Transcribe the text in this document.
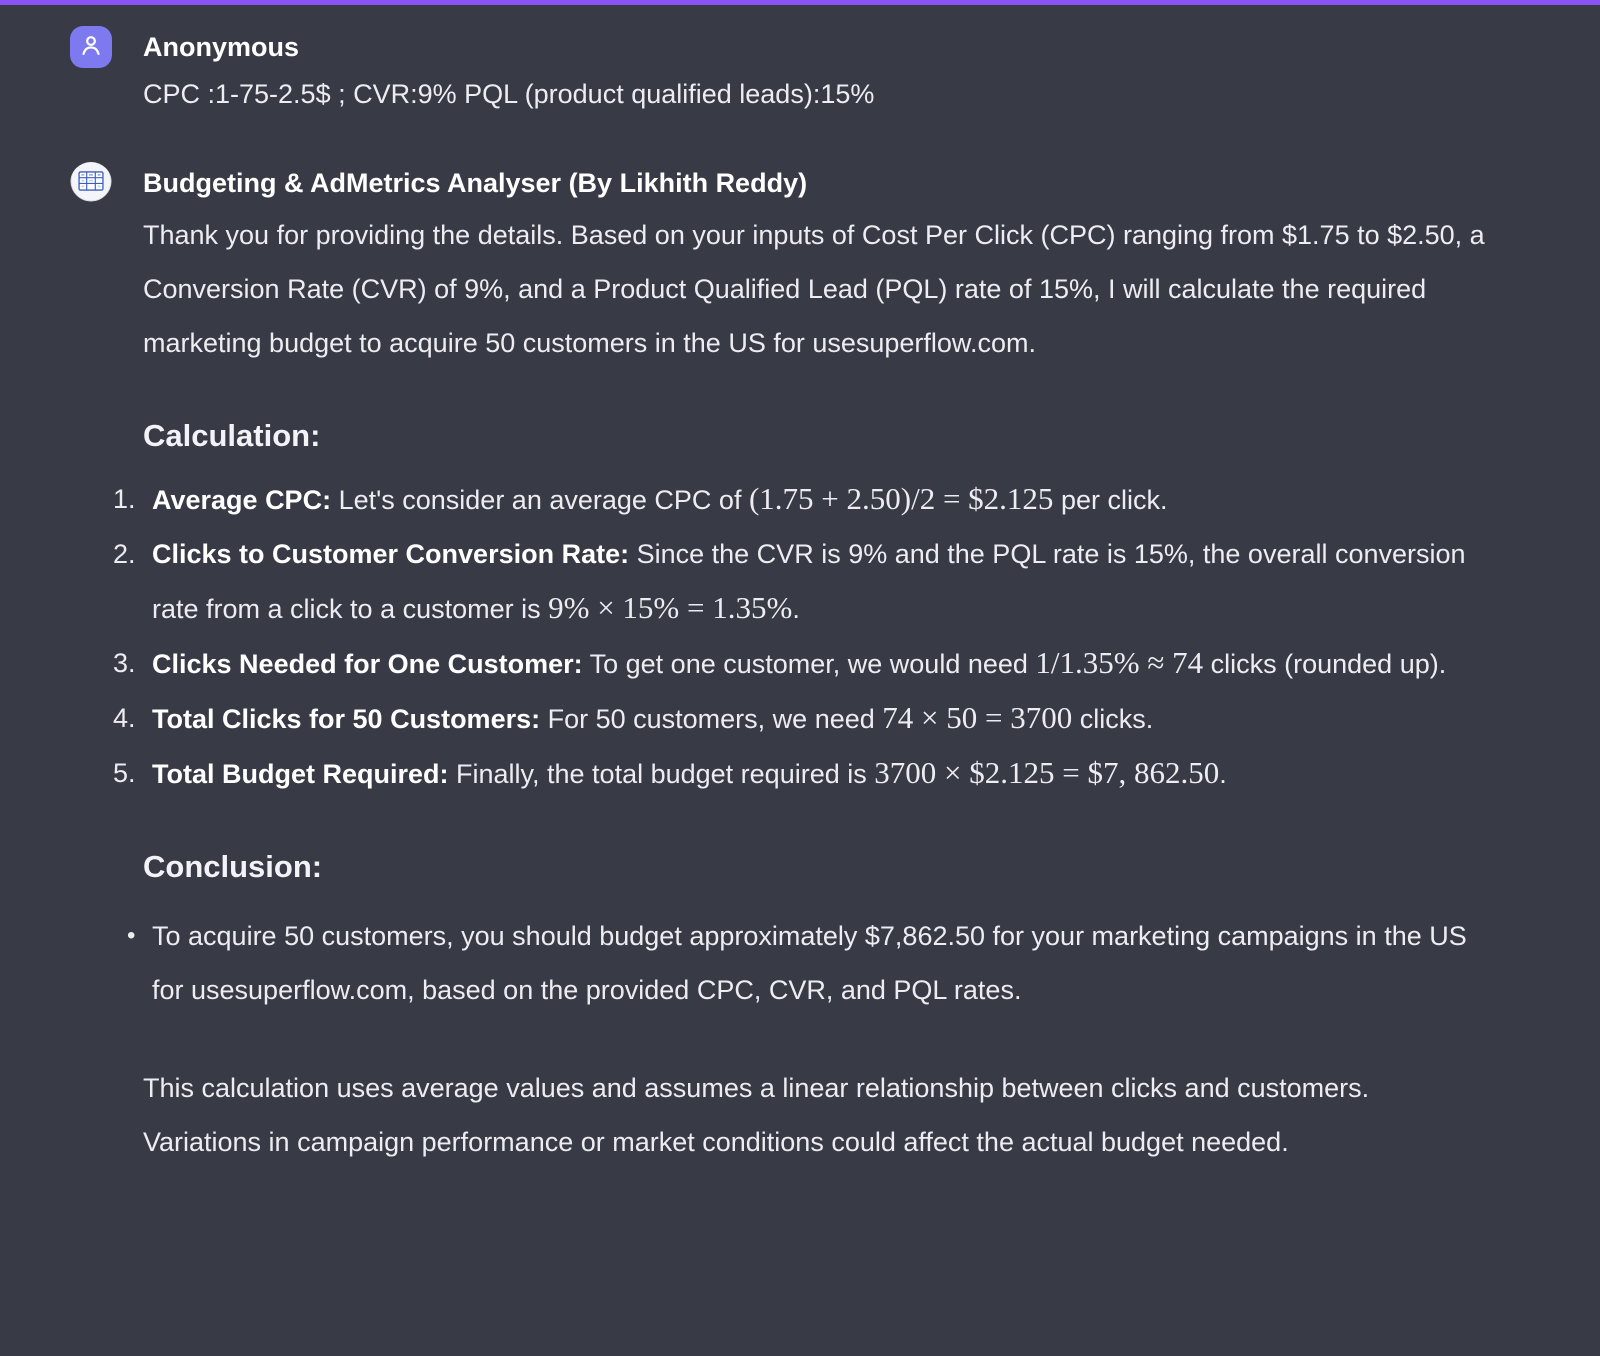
Anonymous
CPC :1-75-2.5$ ; CVR:9% PQL (product qualified leads):15%
Budgeting & AdMetrics Analyser (By Likhith Reddy)

Thank you for providing the details. Based on your inputs of Cost Per Click (CPC) ranging from $1.75 to $2.50, a Conversion Rate (CVR) of 9%, and a Product Qualified Lead (PQL) rate of 15%, I will calculate the required marketing budget to acquire 50 customers in the US for usesuperflow.com.

Calculation:
1. Average CPC: Let's consider an average CPC of (1.75 + 2.50)/2 = $2.125 per click.
2. Clicks to Customer Conversion Rate: Since the CVR is 9% and the PQL rate is 15%, the overall conversion rate from a click to a customer is 9% × 15% = 1.35%.
3. Clicks Needed for One Customer: To get one customer, we would need 1/1.35% ≈ 74 clicks (rounded up).
4. Total Clicks for 50 Customers: For 50 customers, we need 74 × 50 = 3700 clicks.
5. Total Budget Required: Finally, the total budget required is 3700 × $2.125 = $7, 862.50.
Conclusion:
• To acquire 50 customers, you should budget approximately $7,862.50 for your marketing campaigns in the US for usesuperflow.com, based on the provided CPC, CVR, and PQL rates.

This calculation uses average values and assumes a linear relationship between clicks and customers. Variations in campaign performance or market conditions could affect the actual budget needed.
